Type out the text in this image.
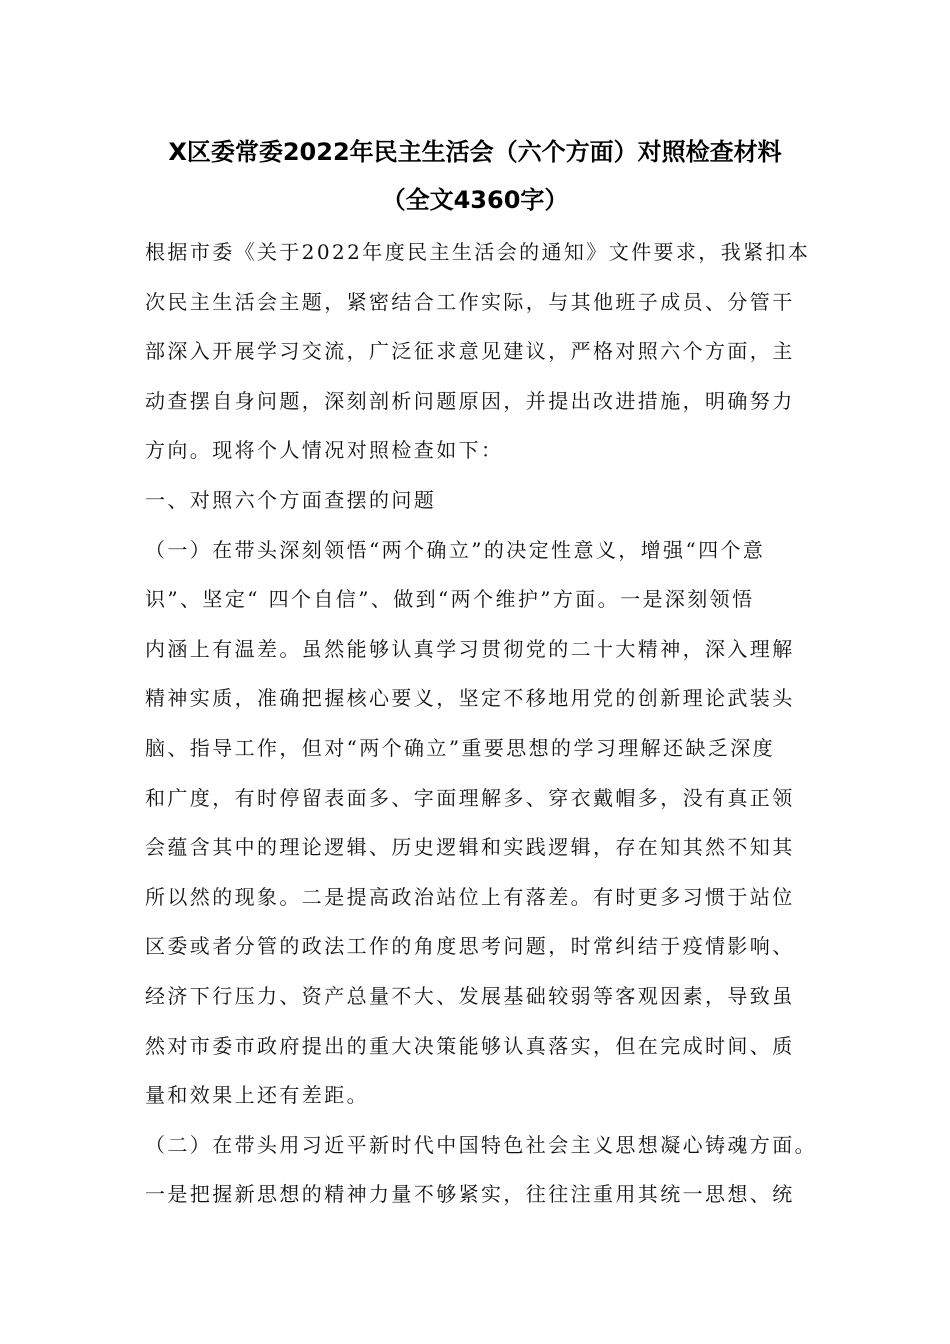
X区委常委2022年民主生活会（六个方面）对照检查材料
（全文4360字）
根据市委《关于2022年度民主生活会的通知》文件要求，我紧扣本
次民主生活会主题，紧密结合工作实际，与其他班子成员、分管干
部深入开展学习交流，广泛征求意见建议，严格对照六个方面，主
动查摆自身问题，深刻剖析问题原因，并提出改进措施，明确努力
方向。现将个人情况对照检查如下：
一、对照六个方面查摆的问题
（一）在带头深刻领悟“两个确立”的决定性意义，增强“四个意
识”、坚定“ 四个自信”、做到“两个维护”方面。一是深刻领悟
内涵上有温差。虽然能够认真学习贯彻党的二十大精神，深入理解
精神实质，准确把握核心要义，坚定不移地用党的创新理论武装头
脑、指导工作，但对“两个确立”重要思想的学习理解还缺乏深度
和广度，有时停留表面多、字面理解多、穿衣戴帽多，没有真正领
会蕴含其中的理论逻辑、历史逻辑和实践逻辑，存在知其然不知其
所以然的现象。二是提高政治站位上有落差。有时更多习惯于站位
区委或者分管的政法工作的角度思考问题，时常纠结于疫情影响、
经济下行压力、资产总量不大、发展基础较弱等客观因素，导致虽
然对市委市政府提出的重大决策能够认真落实，但在完成时间、质
量和效果上还有差距。
（二）在带头用习近平新时代中国特色社会主义思想凝心铸魂方面。
一是把握新思想的精神力量不够紧实，往往注重用其统一思想、统
